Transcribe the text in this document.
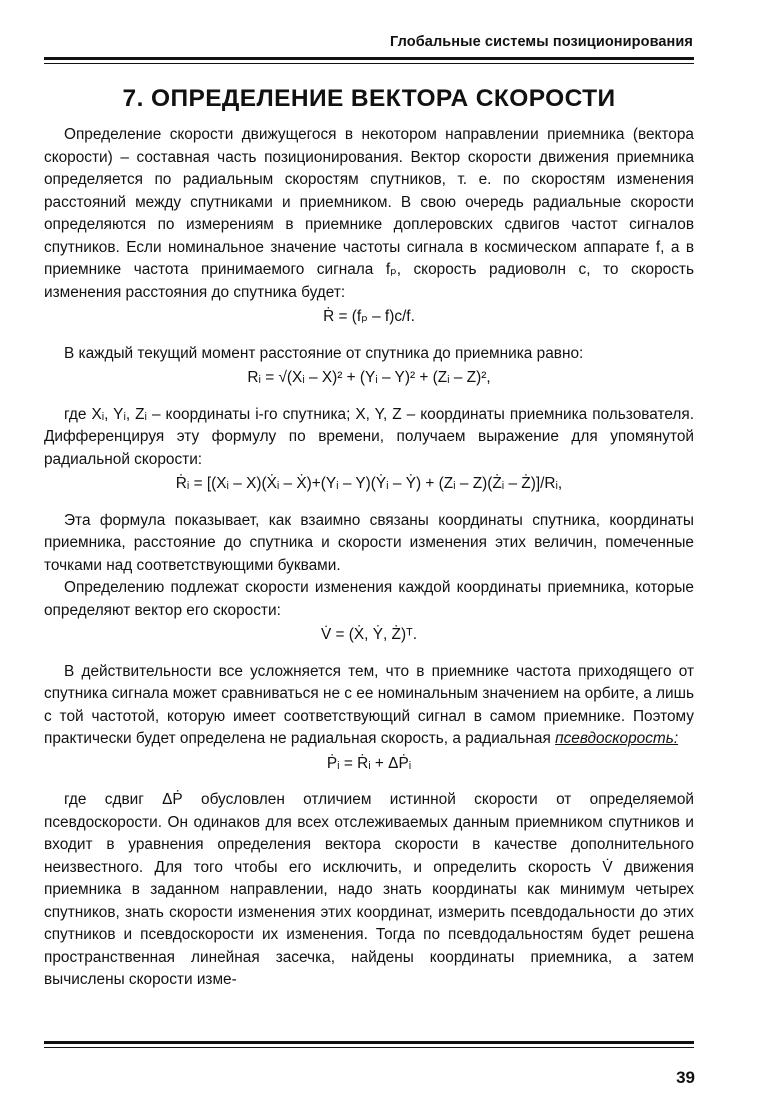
Глобальные системы позиционирования
7. ОПРЕДЕЛЕНИЕ ВЕКТОРА СКОРОСТИ

Определение скорости движущегося в некотором направлении приемника (вектора скорости) – составная часть позиционирования. Вектор скорости движения приемника определяется по радиальным скоростям спутников, т. е. по скоростям изменения расстояний между спутниками и приемником. В свою очередь радиальные скорости определяются по измерениям в приемнике доплеровских сдвигов частот сигналов спутников. Если номинальное значение частоты сигнала в космическом аппарате f, а в приемнике частота принимаемого сигнала fₚ, скорость радиоволн c, то скорость изменения расстояния до спутника будет:

Ṙ = (fₚ – f)c/f.

В каждый текущий момент расстояние от спутника до приемника равно:

Rᵢ = √(Xᵢ – X)² + (Yᵢ – Y)² + (Zᵢ – Z)²,

где Xᵢ, Yᵢ, Zᵢ – координаты i-го спутника; X, Y, Z – координаты приемника пользователя. Дифференцируя эту формулу по времени, получаем выражение для упомянутой радиальной скорости:

Ṙᵢ = [(Xᵢ – X)(Ẋᵢ – Ẋ)+(Yᵢ – Y)(Ẏᵢ – Ẏ) + (Zᵢ – Z)(Żᵢ – Ż)]/Rᵢ,

Эта формула показывает, как взаимно связаны координаты спутника, координаты приемника, расстояние до спутника и скорости изменения этих величин, помеченные точками над соответствующими буквами.

Определению подлежат скорости изменения каждой координаты приемника, которые определяют вектор его скорости:

V̇ = (Ẋ, Ẏ, Ż)ᵀ.

В действительности все усложняется тем, что в приемнике частота приходящего от спутника сигнала может сравниваться не с ее номинальным значением на орбите, а лишь с той частотой, которую имеет соответствующий сигнал в самом приемнике. Поэтому практически будет определена не радиальная скорость, а радиальная псевдоскорость:

Ṗᵢ = Ṙᵢ + ΔṖᵢ

где сдвиг ΔṖ обусловлен отличием истинной скорости от определяемой псевдоскорости. Он одинаков для всех отслеживаемых данным приемником спутников и входит в уравнения определения вектора скорости в качестве дополнительного неизвестного. Для того чтобы его исключить, и определить скорость V̇ движения приемника в заданном направлении, надо знать координаты как минимум четырех спутников, знать скорости изменения этих координат, измерить псевдодальности до этих спутников и псевдоскорости их изменения. Тогда по псевдодальностям будет решена пространственная линейная засечка, найдены координаты приемника, а затем вычислены скорости изме-

39
